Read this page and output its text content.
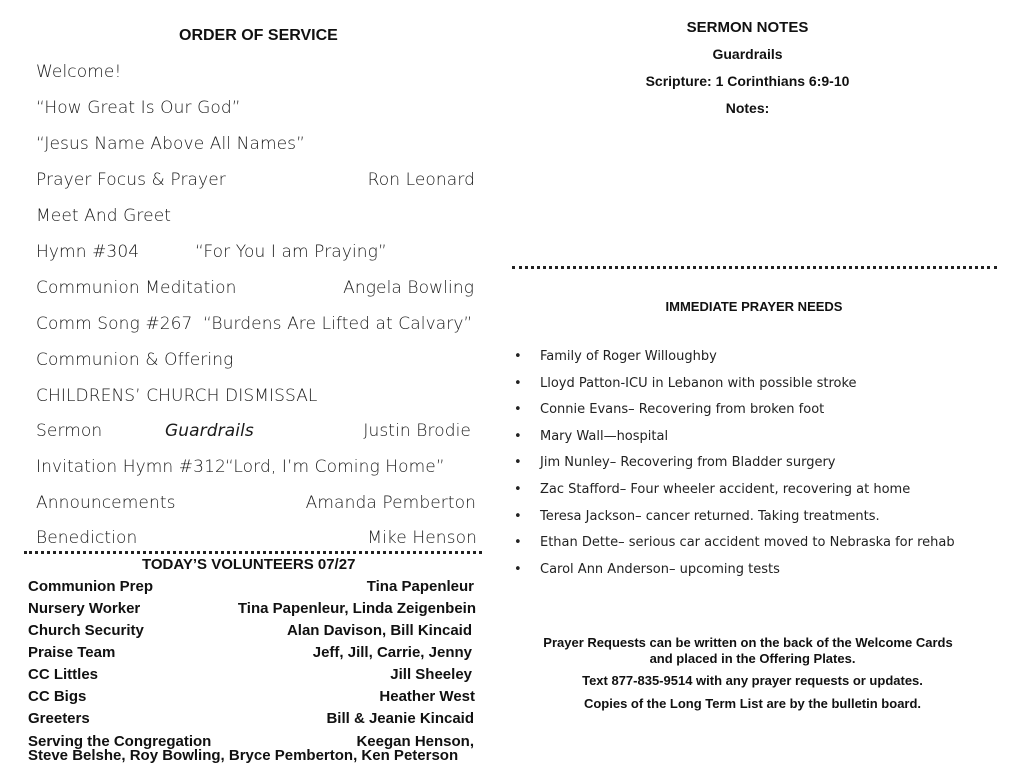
ORDER OF SERVICE
Welcome!
“How Great Is Our God”
“Jesus Name Above All Names”
Prayer Focus & Prayer	Ron Leonard
Meet And Greet
Hymn #304	“For You I am Praying”
Communion Meditation	Angela Bowling
Comm Song #267 “Burdens Are Lifted at Calvary”
Communion & Offering
CHILDRENS’ CHURCH DISMISSAL
Sermon	Guardrails	Justin Brodie
Invitation Hymn #312 “Lord, I’m Coming Home”
Announcements	Amanda Pemberton
Benediction	Mike Henson
TODAY’S VOLUNTEERS 07/27
Communion Prep	Tina Papenleur
Nursery Worker	Tina Papenleur, Linda Zeigenbein
Church Security	Alan Davison, Bill Kincaid
Praise Team	Jeff, Jill, Carrie, Jenny
CC Littles	Jill Sheeley
CC Bigs	Heather West
Greeters	Bill & Jeanie Kincaid
Serving the Congregation	Keegan Henson,
Steve Belshe, Roy Bowling, Bryce Pemberton, Ken Peterson
SERMON NOTES
Guardrails
Scripture: 1 Corinthians 6:9-10
Notes:
IMMEDIATE PRAYER NEEDS
• Family of Roger Willoughby
• Lloyd Patton-ICU in Lebanon with possible stroke
• Connie Evans– Recovering from broken foot
• Mary Wall—hospital
• Jim Nunley– Recovering from Bladder surgery
• Zac Stafford– Four wheeler accident, recovering at home
• Teresa Jackson– cancer returned. Taking treatments.
• Ethan Dette– serious car accident moved to Nebraska for rehab
• Carol Ann Anderson– upcoming tests
Prayer Requests can be written on the back of the Welcome Cards
and placed in the Offering Plates.
Text 877-835-9514 with any prayer requests or updates.
Copies of the Long Term List are by the bulletin board.
